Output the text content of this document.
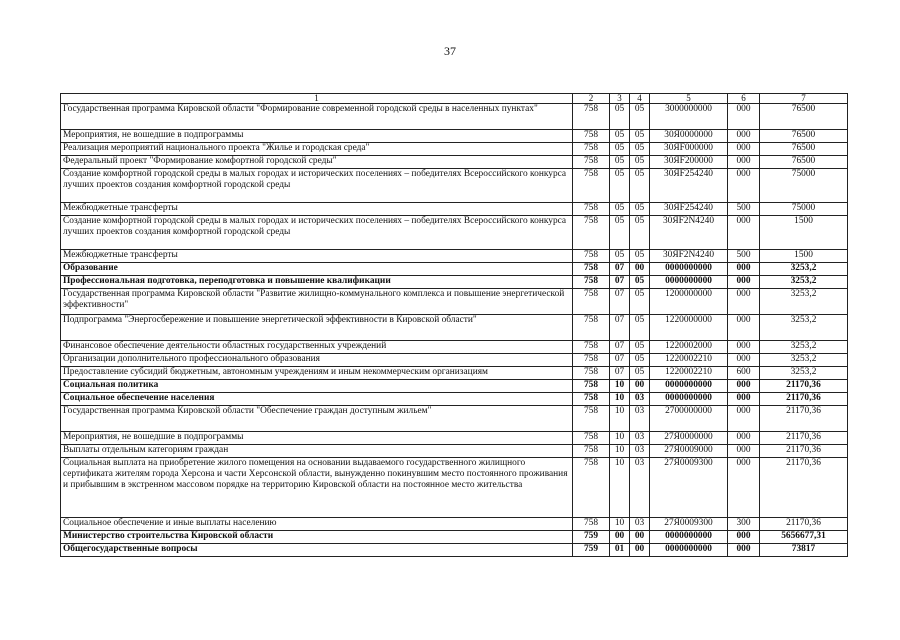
37
1	2	3	4	5	6	7
Государственная программа Кировской области "Формирование современной городской среды в населенных пунктах"	758	05	05	3000000000	000	76500
Мероприятия, не вошедшие в подпрограммы	758	05	05	30Я0000000	000	76500
Реализация мероприятий национального проекта "Жилье и городская среда"	758	05	05	30ЯF000000	000	76500
Федеральный проект "Формирование комфортной городской среды"	758	05	05	30ЯF200000	000	76500
Создание комфортной городской среды в малых городах и исторических поселениях – победителях Всероссийского конкурса лучших проектов создания комфортной городской среды	758	05	05	30ЯF254240	000	75000
Межбюджетные трансферты	758	05	05	30ЯF254240	500	75000
Создание комфортной городской среды в малых городах и исторических поселениях – победителях Всероссийского конкурса лучших проектов создания комфортной городской среды	758	05	05	30ЯF2N4240	000	1500
Межбюджетные трансферты	758	05	05	30ЯF2N4240	500	1500
Образование	758	07	00	0000000000	000	3253,2
Профессиональная подготовка, переподготовка и повышение квалификации	758	07	05	0000000000	000	3253,2
Государственная программа Кировской области "Развитие жилищно-коммунального комплекса и повышение энергетической эффективности"	758	07	05	1200000000	000	3253,2
Подпрограмма "Энергосбережение и повышение энергетической эффективности в Кировской области"	758	07	05	1220000000	000	3253,2
Финансовое обеспечение деятельности областных государственных учреждений	758	07	05	1220002000	000	3253,2
Организации дополнительного профессионального образования	758	07	05	1220002210	000	3253,2
Предоставление субсидий бюджетным, автономным учреждениям и иным некоммерческим организациям	758	07	05	1220002210	600	3253,2
Социальная политика	758	10	00	0000000000	000	21170,36
Социальное обеспечение населения	758	10	03	0000000000	000	21170,36
Государственная программа Кировской области "Обеспечение граждан доступным жильем"	758	10	03	2700000000	000	21170,36
Мероприятия, не вошедшие в подпрограммы	758	10	03	27Я0000000	000	21170,36
Выплаты отдельным категориям граждан	758	10	03	27Я0009000	000	21170,36
Социальная выплата на приобретение жилого помещения на основании выдаваемого государственного жилищного сертификата жителям города Херсона и части Херсонской области, вынужденно покинувшим место постоянного проживания и прибывшим в экстренном массовом порядке на территорию Кировской области на постоянное место жительства	758	10	03	27Я0009300	000	21170,36
Социальное обеспечение и иные выплаты населению	758	10	03	27Я0009300	300	21170,36
Министерство строительства Кировской области	759	00	00	0000000000	000	5656677,31
Общегосударственные вопросы	759	01	00	0000000000	000	73817
